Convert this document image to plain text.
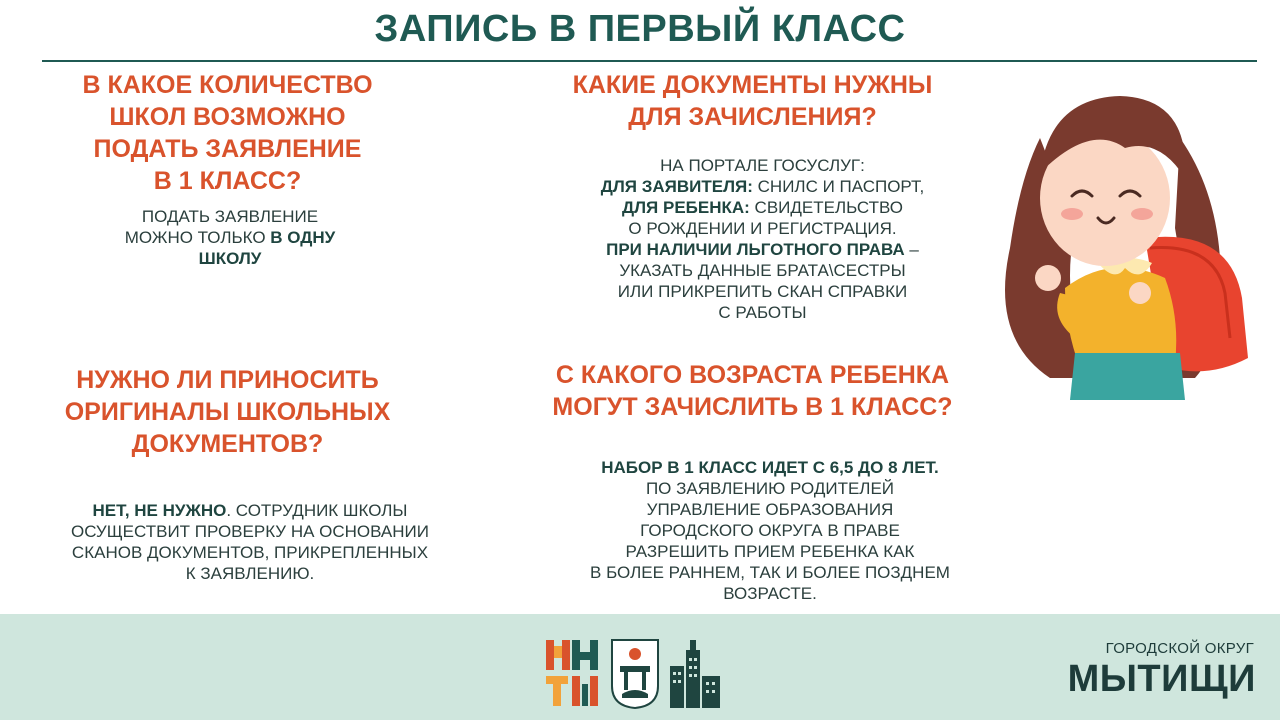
ЗАПИСЬ В ПЕРВЫЙ КЛАСС
В КАКОЕ КОЛИЧЕСТВО
ШКОЛ ВОЗМОЖНО
ПОДАТЬ ЗАЯВЛЕНИЕ
В 1 КЛАСС?
ПОДАТЬ ЗАЯВЛЕНИЕ
МОЖНО ТОЛЬКО В ОДНУ
ШКОЛУ
КАКИЕ ДОКУМЕНТЫ НУЖНЫ
ДЛЯ ЗАЧИСЛЕНИЯ?
НА ПОРТАЛЕ ГОСУСЛУГ:
ДЛЯ ЗАЯВИТЕЛЯ: СНИЛС И ПАСПОРТ,
ДЛЯ РЕБЕНКА: СВИДЕТЕЛЬСТВО
О РОЖДЕНИИ И РЕГИСТРАЦИЯ.
ПРИ НАЛИЧИИ ЛЬГОТНОГО ПРАВА –
УКАЗАТЬ ДАННЫЕ БРАТА\СЕСТРЫ
ИЛИ ПРИКРЕПИТЬ СКАН СПРАВКИ
С РАБОТЫ
НУЖНО ЛИ ПРИНОСИТЬ
ОРИГИНАЛЫ ШКОЛЬНЫХ
ДОКУМЕНТОВ?
НЕТ, НЕ НУЖНО. СОТРУДНИК ШКОЛЫ
ОСУЩЕСТВИТ ПРОВЕРКУ НА ОСНОВАНИИ
СКАНОВ ДОКУМЕНТОВ, ПРИКРЕПЛЕННЫХ
К ЗАЯВЛЕНИЮ.
С КАКОГО ВОЗРАСТА РЕБЕНКА
МОГУТ ЗАЧИСЛИТЬ В 1 КЛАСС?
НАБОР В 1 КЛАСС ИДЕТ С 6,5 ДО 8 ЛЕТ.
ПО ЗАЯВЛЕНИЮ РОДИТЕЛЕЙ
УПРАВЛЕНИЕ ОБРАЗОВАНИЯ
ГОРОДСКОГО ОКРУГА В ПРАВЕ
РАЗРЕШИТЬ ПРИЕМ РЕБЕНКА КАК
В БОЛЕЕ РАННЕМ, ТАК И БОЛЕЕ ПОЗДНЕМ
ВОЗРАСТЕ.
ГОРОДСКОЙ ОКРУГ
МЫТИЩИ
